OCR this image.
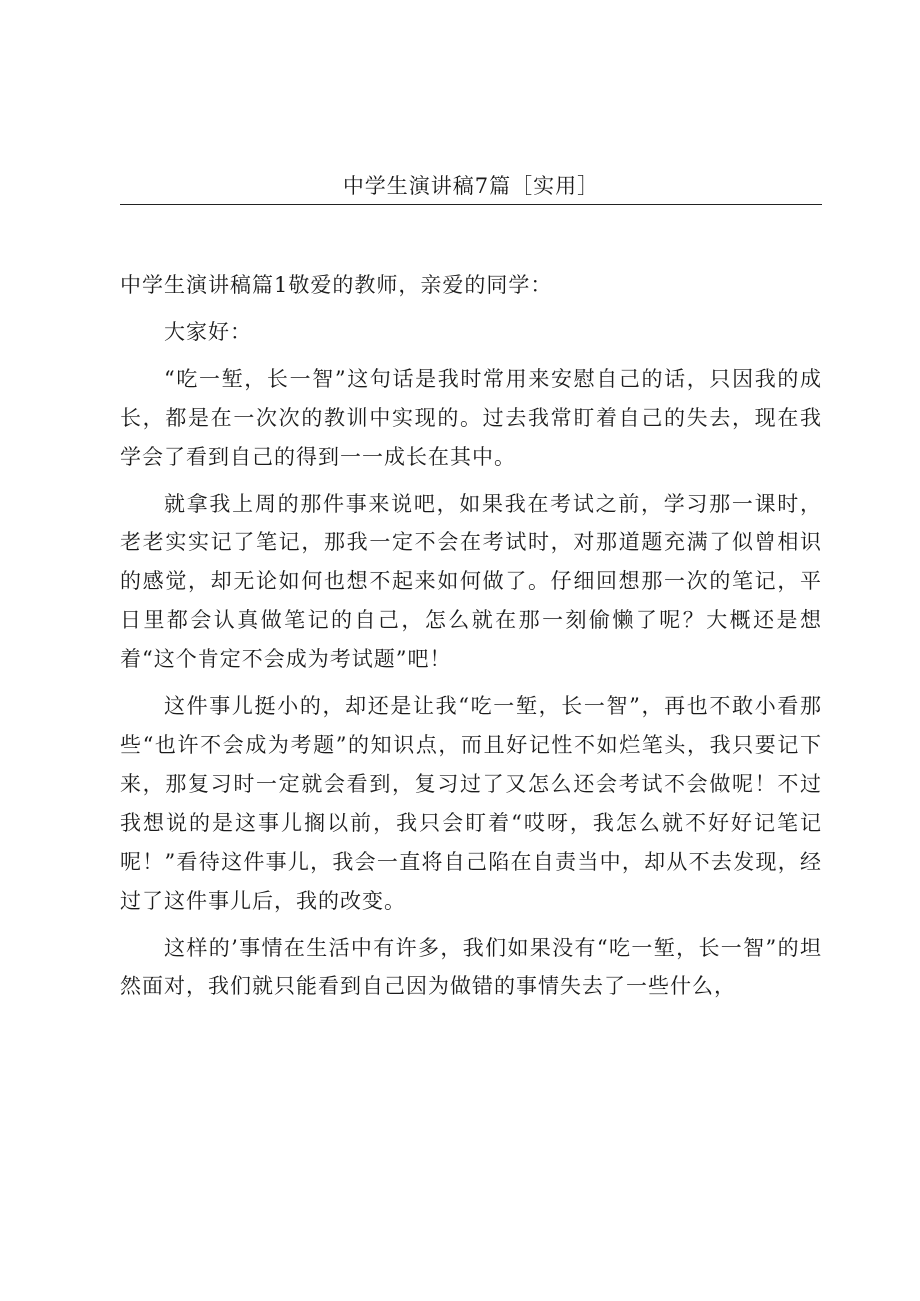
中学生演讲稿7篇［实用］

中学生演讲稿篇1敬爱的教师，亲爱的同学：

大家好：

“吃一堑，长一智”这句话是我时常用来安慰自己的话，只因我的成长，都是在一次次的教训中实现的。过去我常盯着自己的失去，现在我学会了看到自己的得到一一成长在其中。

就拿我上周的那件事来说吧，如果我在考试之前，学习那一课时，老老实实记了笔记，那我一定不会在考试时，对那道题充满了似曾相识的感觉，却无论如何也想不起来如何做了。仔细回想那一次的笔记，平日里都会认真做笔记的自己，怎么就在那一刻偷懒了呢？大概还是想着“这个肯定不会成为考试题”吧！

这件事儿挺小的，却还是让我“吃一堑，长一智”，再也不敢小看那些“也许不会成为考题”的知识点，而且好记性不如烂笔头，我只要记下来，那复习时一定就会看到，复习过了又怎么还会考试不会做呢！不过我想说的是这事儿搁以前，我只会盯着“哎呀，我怎么就不好好记笔记呢！”看待这件事儿，我会一直将自己陷在自责当中，却从不去发现，经过了这件事儿后，我的改变。

这样的’事情在生活中有许多，我们如果没有“吃一堑，长一智”的坦然面对，我们就只能看到自己因为做错的事情失去了一些什么，
